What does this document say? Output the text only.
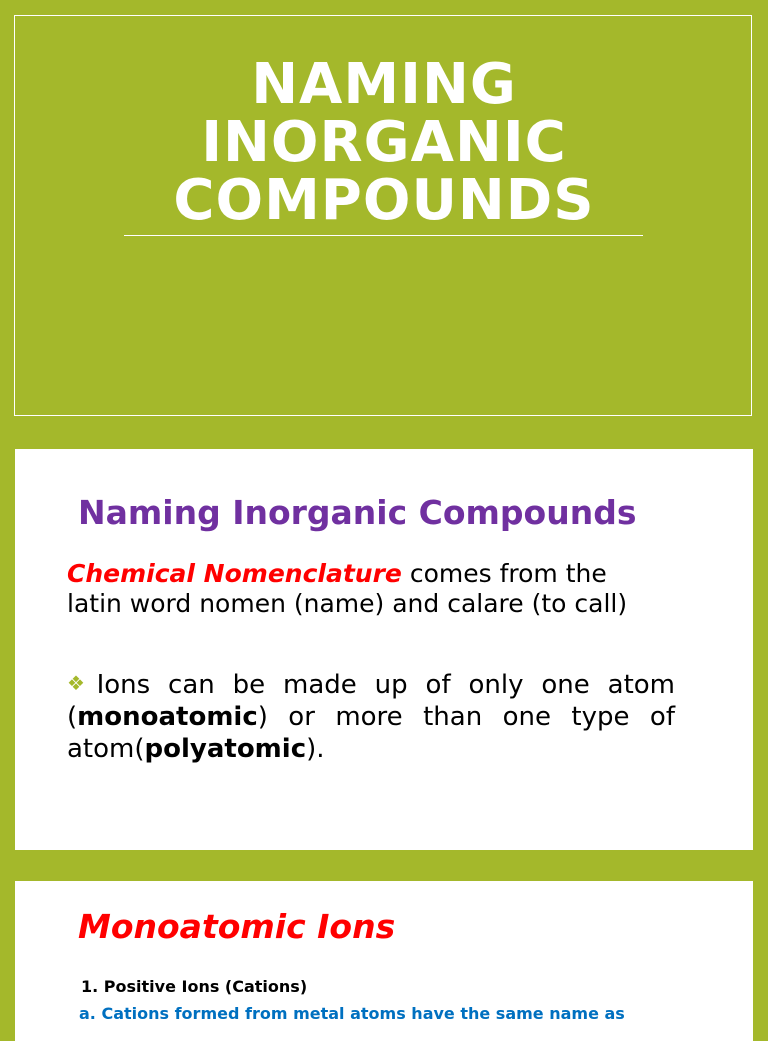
NAMING
INORGANIC
COMPOUNDS
Naming Inorganic Compounds
Chemical Nomenclature comes from the
latin word nomen (name) and calare (to call)
❖Ions can be made up of only one atom (monoatomic) or more than one type of atom(polyatomic).
Monoatomic Ions
1. Positive Ions (Cations)
a. Cations formed from metal atoms have the same name as
